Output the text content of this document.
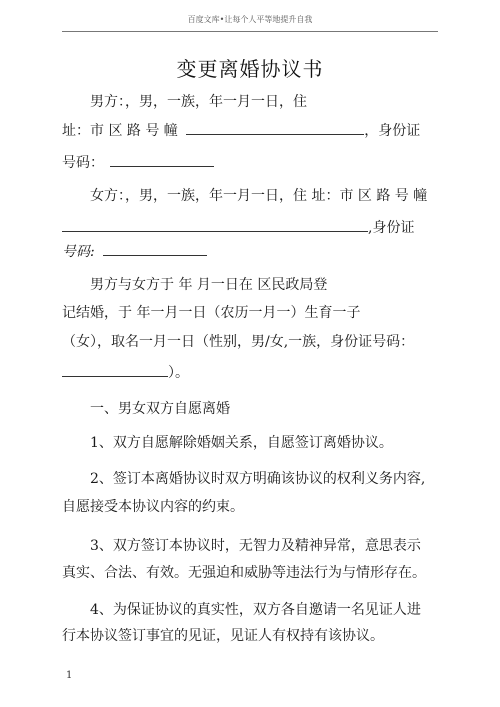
百度文库•让每个人平等地提升自我
变更离婚协议书
男方：，男，一族，年一月一日，住
址：市 区 路 号 幢	，身份证
号码：
女方：，男，一族，年一月一日，住 址：市 区 路 号 幢
,身份证
号码:
男方与女方于 年 月一日在 区民政局登
记结婚，于 年一月一日（农历一月一）生育一子
（女），取名一月一日（性别，男/女,一族，身份证号码：
）。
一、男女双方自愿离婚
1、双方自愿解除婚姻关系，自愿签订离婚协议。
2、签订本离婚协议时双方明确该协议的权利义务内容,
自愿接受本协议内容的约束。
3、双方签订本协议时，无智力及精神异常，意思表示
真实、合法、有效。无强迫和威胁等违法行为与情形存在。
4、为保证协议的真实性，双方各自邀请一名见证人进
行本协议签订事宜的见证，见证人有权持有该协议。
1
